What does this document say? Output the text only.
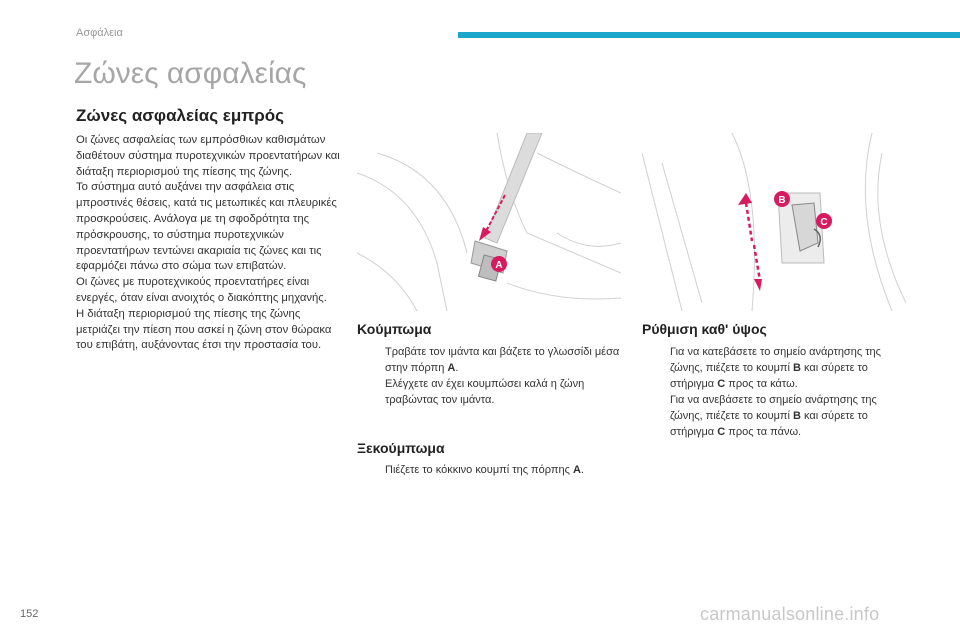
Ασφάλεια
Ζώνες ασφαλείας
Ζώνες ασφαλείας εμπρός

Οι ζώνες ασφαλείας των εμπρόσθιων καθισμάτων διαθέτουν σύστημα πυροτεχνικών προεντατήρων και διάταξη περιορισμού της πίεσης της ζώνης.

Το σύστημα αυτό αυξάνει την ασφάλεια στις μπροστινές θέσεις, κατά τις μετωπικές και πλευρικές προσκρούσεις. Ανάλογα με τη σφοδρότητα της πρόσκρουσης, το σύστημα πυροτεχνικών προεντατήρων τεντώνει ακαριαία τις ζώνες και τις εφαρμόζει πάνω στο σώμα των επιβατών.

Οι ζώνες με πυροτεχνικούς προεντατήρες είναι ενεργές, όταν είναι ανοιχτός ο διακόπτης μηχανής.

Η διάταξη περιορισμού της πίεσης της ζώνης μετριάζει την πίεση που ασκεί η ζώνη στον θώρακα του επιβάτη, αυξάνοντας έτσι την προστασία του.

A
B
C
Κούμπωμα
Τραβάτε τον ιμάντα και βάζετε το γλωσσίδι μέσα στην πόρπη A.
Ελέγχετε αν έχει κουμπώσει καλά η ζώνη τραβώντας τον ιμάντα.
Ξεκούμπωμα
Πιέζετε το κόκκινο κουμπί της πόρπης A.
Ρύθμιση καθ' ύψος
Για να κατεβάσετε το σημείο ανάρτησης της ζώνης, πιέζετε το κουμπί B και σύρετε το στήριγμα C προς τα κάτω.
Για να ανεβάσετε το σημείο ανάρτησης της ζώνης, πιέζετε το κουμπί B και σύρετε το στήριγμα C προς τα πάνω.
152	carmanualsonline.info
